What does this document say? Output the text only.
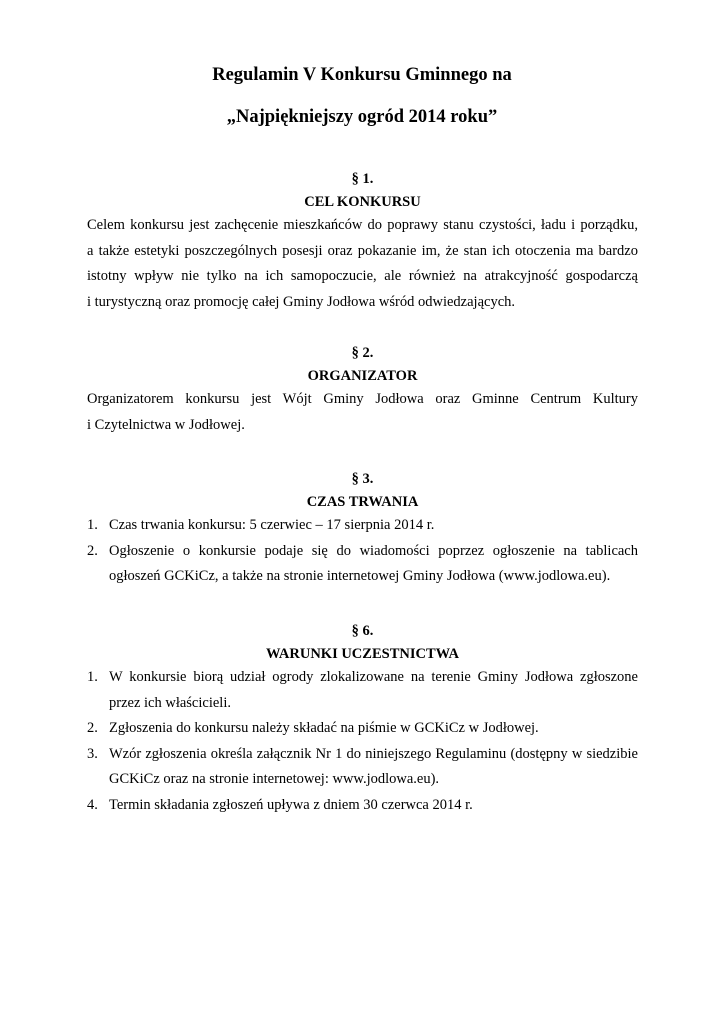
Regulamin V Konkursu Gminnego na
„Najpiękniejszy ogród 2014 roku”
§ 1.
CEL KONKURSU
Celem konkursu jest zachęcenie mieszkańców do poprawy stanu czystości, ładu i porządku,
a także estetyki poszczególnych posesji oraz pokazanie im, że stan ich otoczenia ma bardzo
istotny wpływ nie tylko na ich samopoczucie, ale również na atrakcyjność gospodarczą
i turystyczną oraz promocję całej Gminy Jodłowa wśród odwiedzających.
§ 2.
ORGANIZATOR
Organizatorem konkursu jest Wójt Gminy Jodłowa oraz Gminne Centrum Kultury
i Czytelnictwa w Jodłowej.
§ 3.
CZAS TRWANIA
1. Czas trwania konkursu: 5 czerwiec – 17 sierpnia 2014 r.
2. Ogłoszenie o konkursie podaje się do wiadomości poprzez ogłoszenie na tablicach
ogłoszeń GCKiCz, a także na stronie internetowej Gminy Jodłowa (www.jodlowa.eu).
§ 6.
WARUNKI UCZESTNICTWA
1. W konkursie biorą udział ogrody zlokalizowane na terenie Gminy Jodłowa zgłoszone
przez ich właścicieli.
2. Zgłoszenia do konkursu należy składać na piśmie w GCKiCz w Jodłowej.
3. Wzór zgłoszenia określa załącznik Nr 1 do niniejszego Regulaminu (dostępny w siedzibie
GCKiCz oraz na stronie internetowej: www.jodlowa.eu).
4. Termin składania zgłoszeń upływa z dniem 30 czerwca 2014 r.
